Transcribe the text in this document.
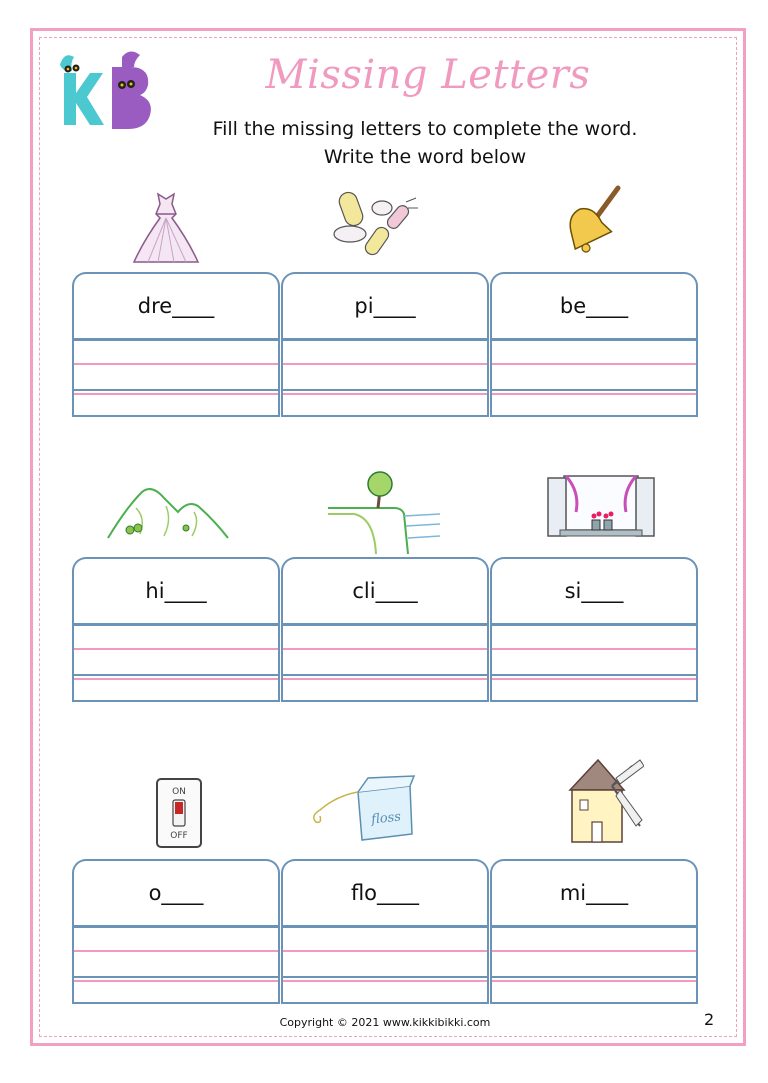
Missing Letters
Fill the missing letters to complete the word.
Write the word below
dre____	pi____	be____
hi____	cli____	si____
ON
OFF
floss
o____	flo____	mi____
Copyright © 2021 www.kikkibikki.com	2
